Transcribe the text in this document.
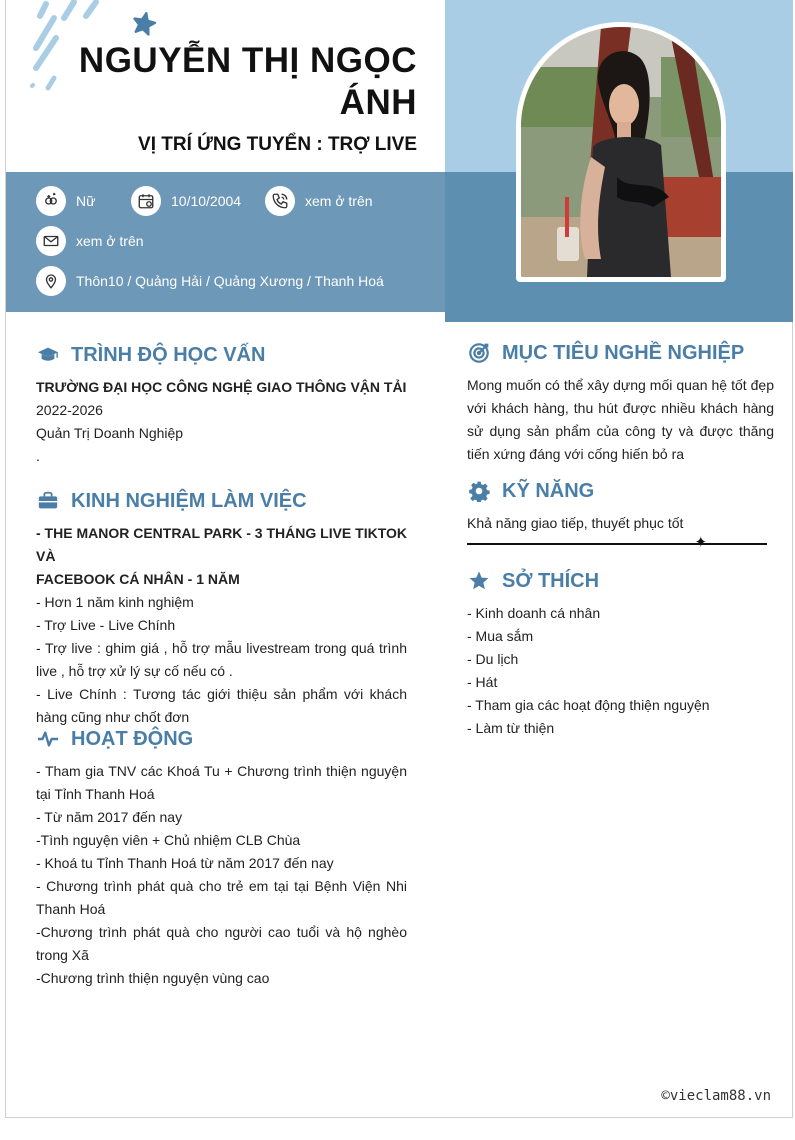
NGUYỄN THỊ NGỌC
ÁNH
VỊ TRÍ ỨNG TUYỂN : TRỢ LIVE
Nữ	10/10/2004	xem ở trên
xem ở trên
Thôn10 / Quảng Hải / Quảng Xương / Thanh Hoá
TRÌNH ĐỘ HỌC VẤN
TRƯỜNG ĐẠI HỌC CÔNG NGHỆ GIAO THÔNG VẬN TẢI
2022-2026
Quản Trị Doanh Nghiệp
.
KINH NGHIỆM LÀM VIỆC
- THE MANOR CENTRAL PARK - 3 THÁNG LIVE TIKTOK VÀ
FACEBOOK CÁ NHÂN - 1 NĂM
- Hơn 1 năm kinh nghiệm
- Trợ Live - Live Chính
- Trợ live : ghim giá , hỗ trợ mẫu livestream trong quá trình live , hỗ trợ xử lý sự cố nếu có .
- Live Chính : Tương tác giới thiệu sản phẩm với khách hàng cũng như chốt đơn
HOẠT ĐỘNG
- Tham gia TNV các Khoá Tu + Chương trình thiện nguyện tại Tỉnh Thanh Hoá
- Từ năm 2017 đến nay
-Tình nguyện viên + Chủ nhiệm CLB Chùa
- Khoá tu Tỉnh Thanh Hoá từ năm 2017 đến nay
- Chương trình phát quà cho trẻ em tại tại Bệnh Viện Nhi Thanh Hoá
-Chương trình phát quà cho người cao tuổi và hộ nghèo trong Xã
-Chương trình thiện nguyện vùng cao
MỤC TIÊU NGHỀ NGHIỆP
Mong muốn có thể xây dựng mối quan hệ tốt đẹp với khách hàng, thu hút được nhiều khách hàng sử dụng sản phẩm của công ty và được thăng tiến xứng đáng với cống hiến bỏ ra
KỸ NĂNG
Khả năng giao tiếp, thuyết phục tốt
✦
SỞ THÍCH
- Kinh doanh cá nhân
- Mua sắm
- Du lịch
- Hát
- Tham gia các hoạt động thiện nguyện
- Làm từ thiện
©vieclam88.vn
